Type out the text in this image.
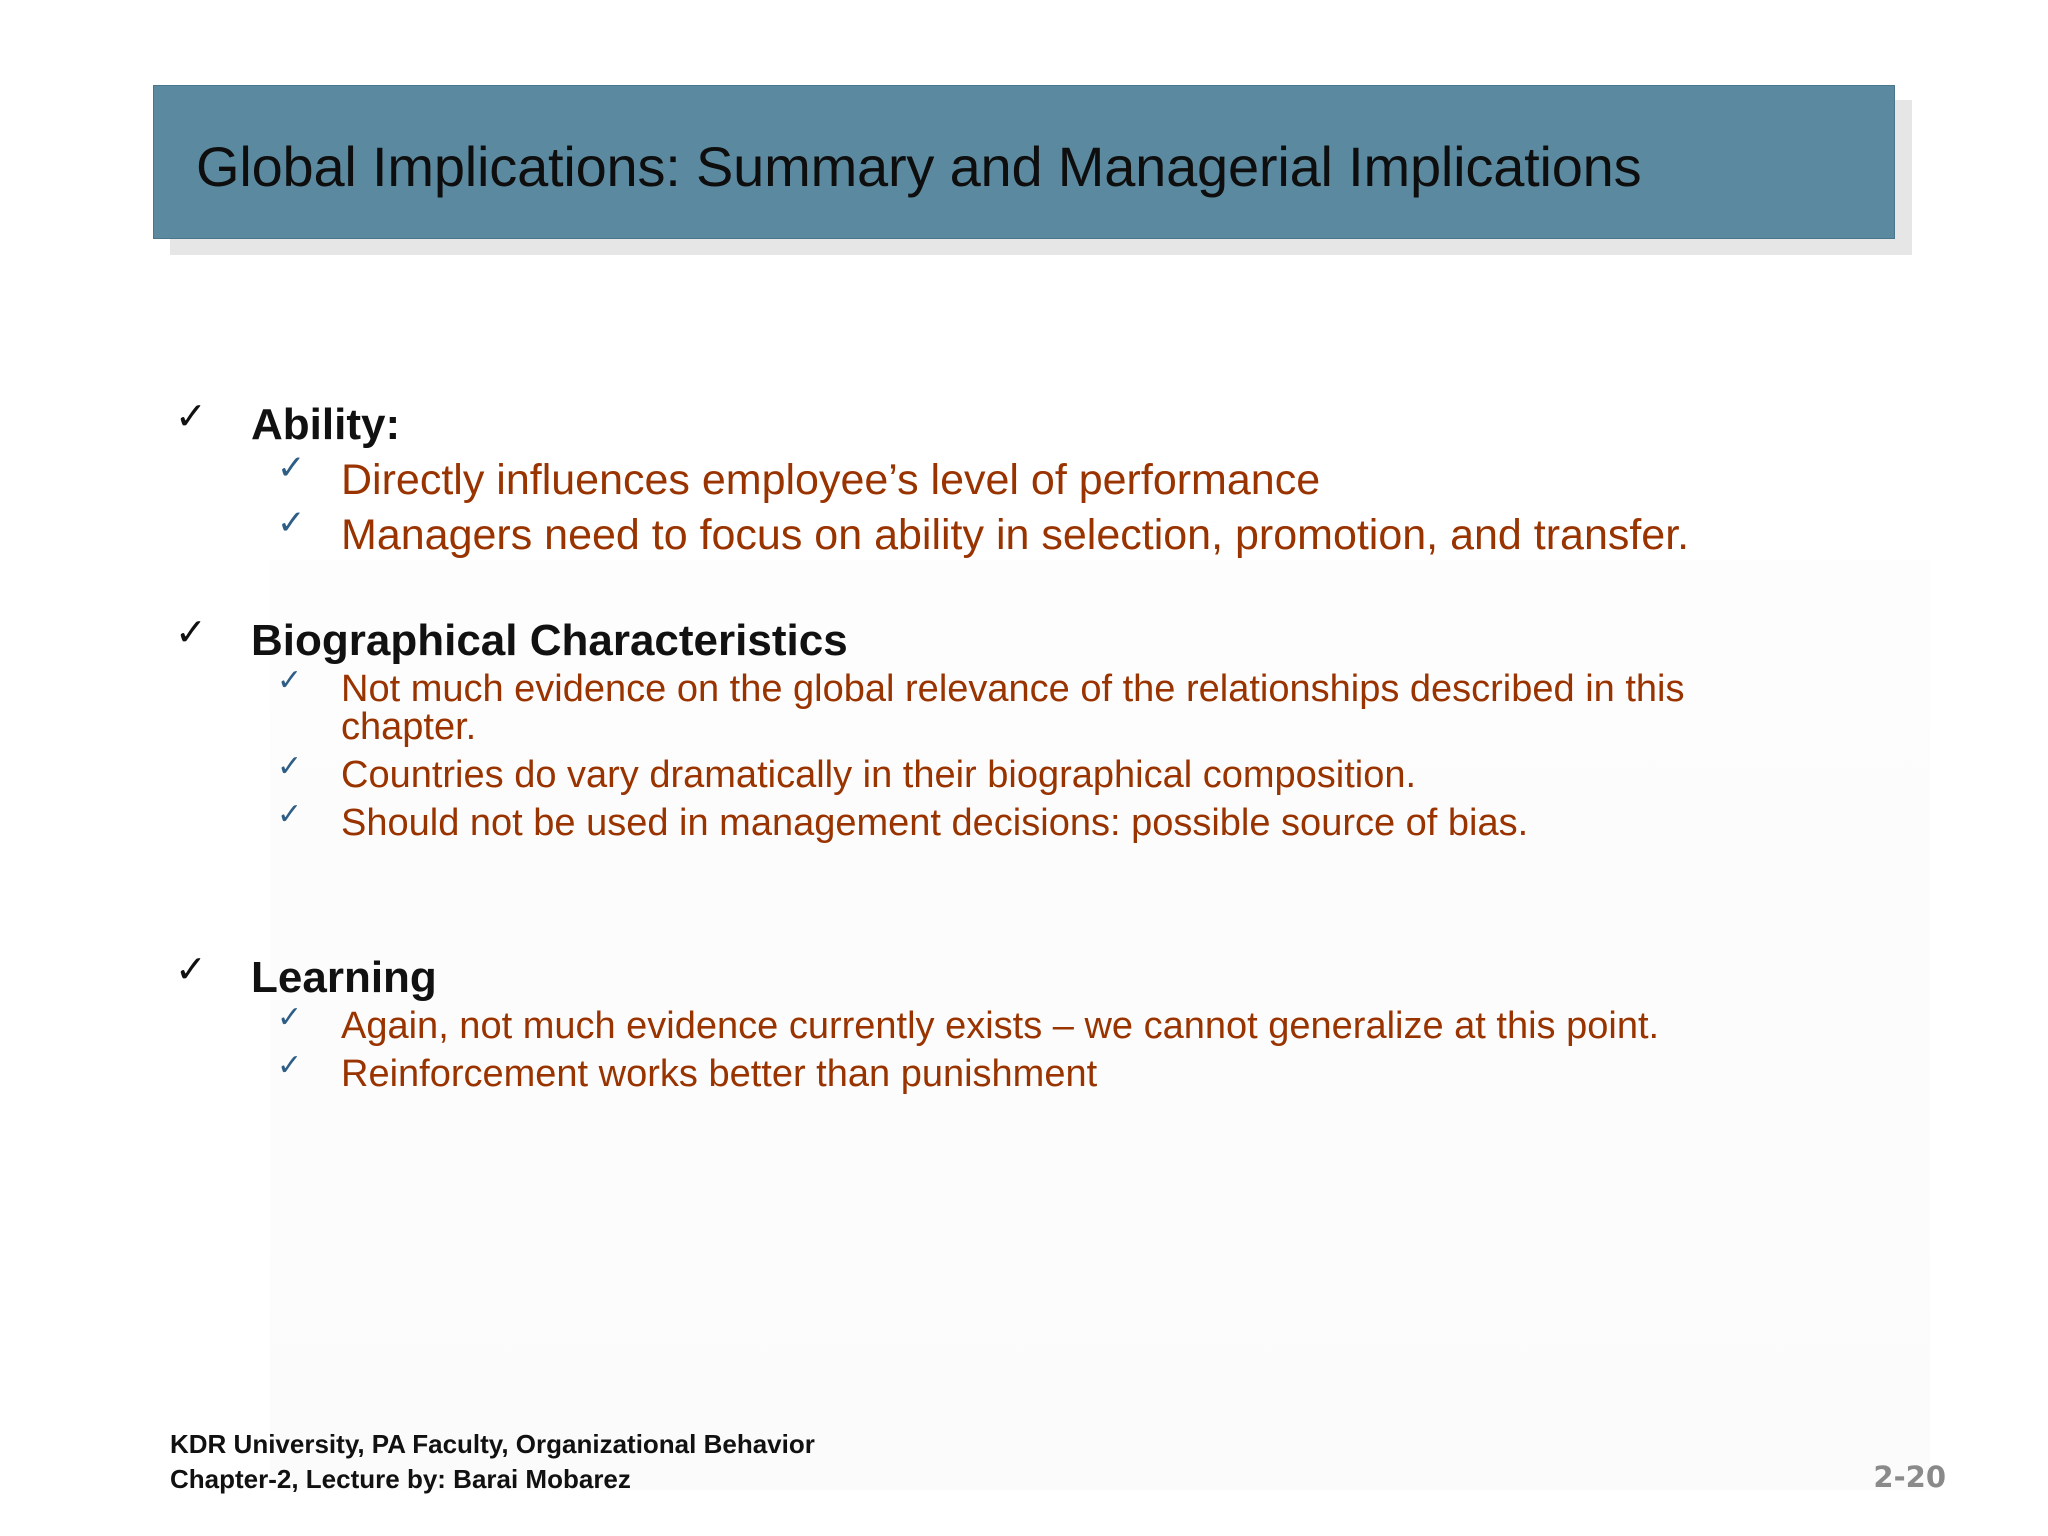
Global Implications: Summary and Managerial Implications
✓ Ability:
✓ Directly influences employee’s level of performance
✓ Managers need to focus on ability in selection, promotion, and transfer.
✓ Biographical Characteristics
✓ Not much evidence on the global relevance of the relationships described in this chapter.
✓ Countries do vary dramatically in their biographical composition.
✓ Should not be used in management decisions: possible source of bias.
✓ Learning
✓ Again, not much evidence currently exists – we cannot generalize at this point.
✓ Reinforcement works better than punishment
KDR University, PA Faculty, Organizational Behavior
Chapter-2, Lecture by: Barai Mobarez	2-20
